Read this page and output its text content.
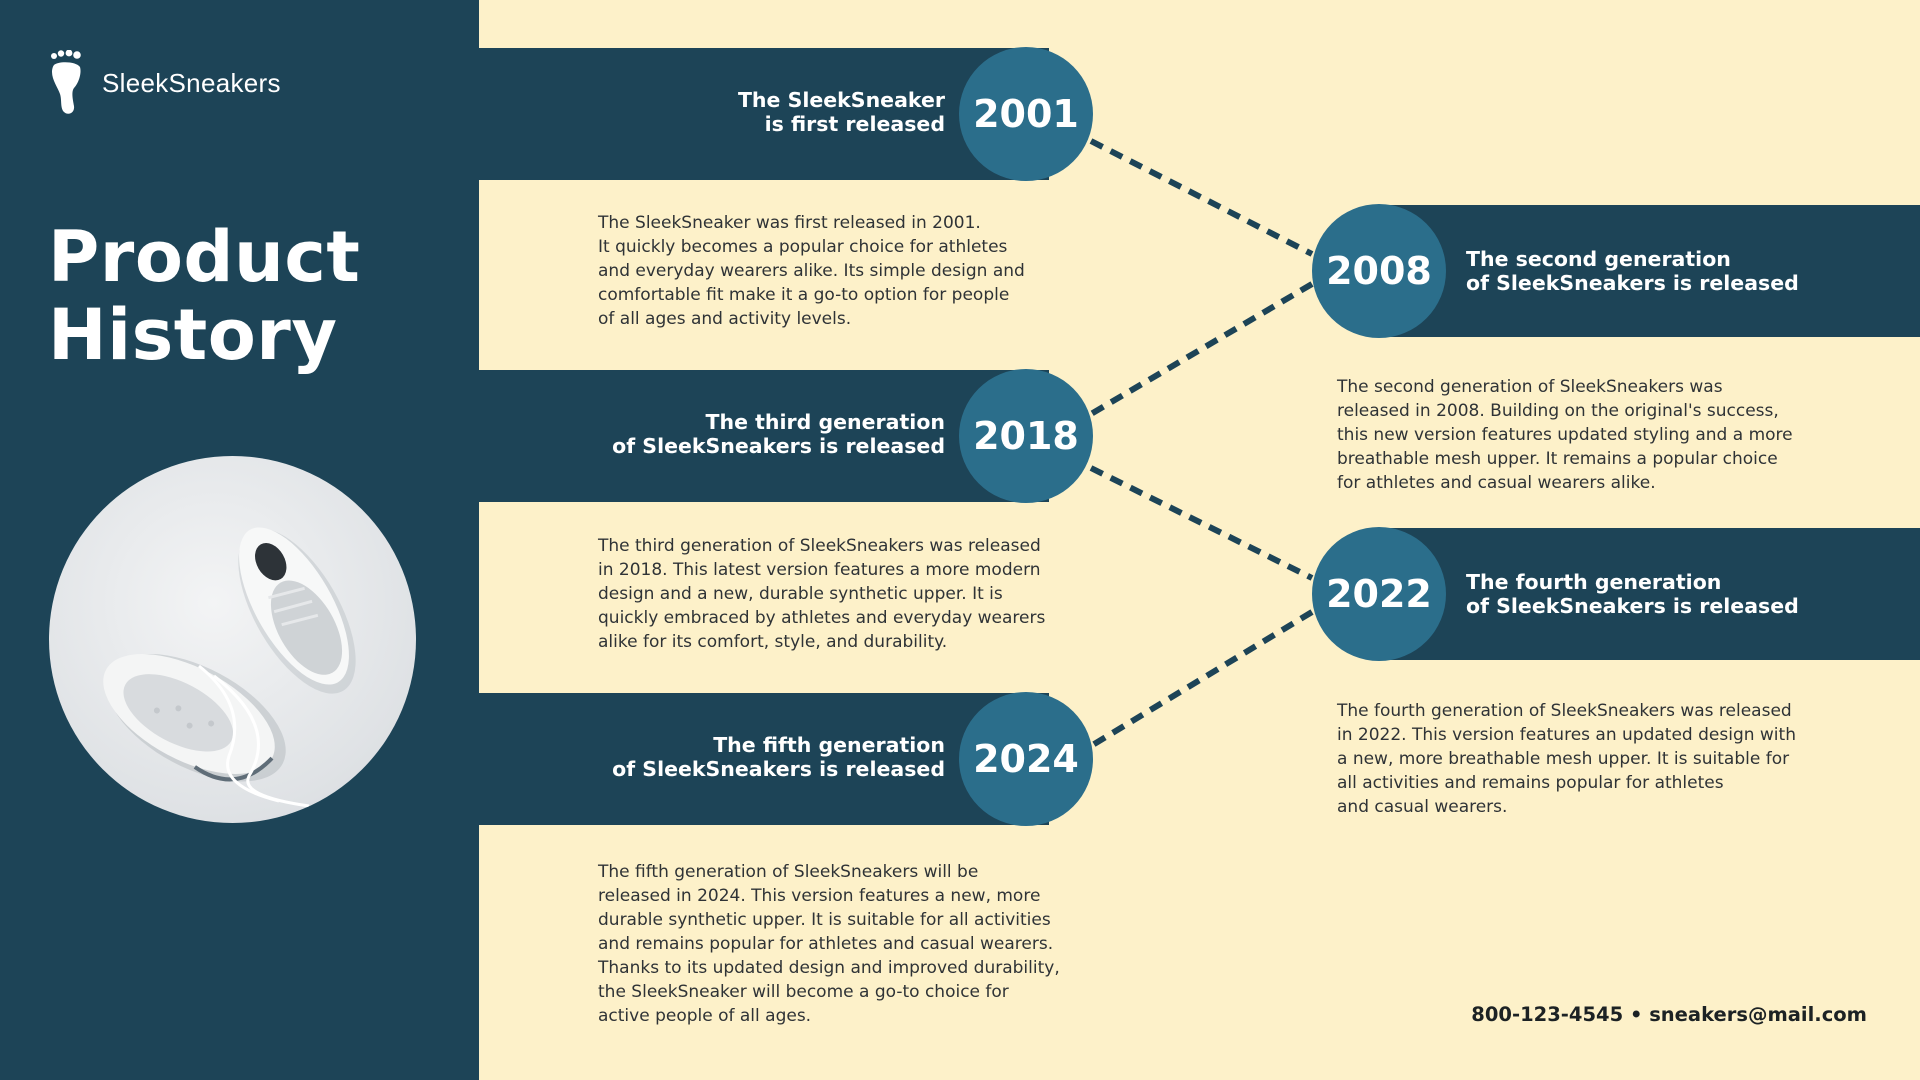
SleekSneakers
Product
History
The SleekSneaker
is first released 2001
The SleekSneaker was first released in 2001.
It quickly becomes a popular choice for athletes
and everyday wearers alike. Its simple design and
comfortable fit make it a go-to option for people
of all ages and activity levels.
The second generation
of SleekSneakers is released
2008
The second generation of SleekSneakers was
released in 2008. Building on the original's success,
this new version features updated styling and a more
breathable mesh upper. It remains a popular choice
for athletes and casual wearers alike.
The third generation
of SleekSneakers is released 2018
The third generation of SleekSneakers was released
in 2018. This latest version features a more modern
design and a new, durable synthetic upper. It is
quickly embraced by athletes and everyday wearers
alike for its comfort, style, and durability.
The fourth generation
of SleekSneakers is released
2022
The fourth generation of SleekSneakers was released
in 2022. This version features an updated design with
a new, more breathable mesh upper. It is suitable for
all activities and remains popular for athletes
and casual wearers.
The fifth generation
of SleekSneakers is released 2024
The fifth generation of SleekSneakers will be
released in 2024. This version features a new, more
durable synthetic upper. It is suitable for all activities
and remains popular for athletes and casual wearers.
Thanks to its updated design and improved durability,
the SleekSneaker will become a go-to choice for
active people of all ages.	800-123-4545 • sneakers@mail.com
